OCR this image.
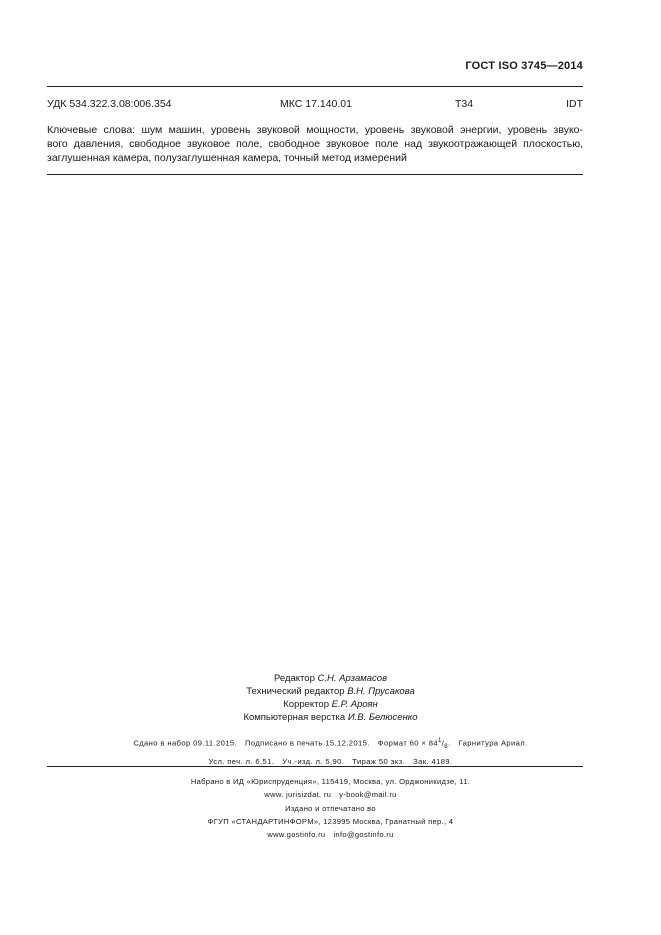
ГОСТ ISO 3745—2014
УДК 534.322.3.08:006.354	МКС 17.140.01	Т34	IDT
Ключевые слова: шум машин, уровень звуковой мощности, уровень звуковой энергии, уровень звуко-
вого давления, свободное звуковое поле, свободное звуковое поле над звукоотражающей плоскостью,
заглушенная камера, полузаглушенная камера, точный метод измерений
Редактор С.Н. Арзамасов
Технический редактор В.Н. Прусакова
Корректор Е.Р. Ароян
Компьютерная верстка И.В. Белюсенко
Сдано в набор 09.11.2015. Подписано в печать 15.12.2015. Формат $60 \times 84^1/_8$. Гарнитура Ариал.
Усл. печ. л. 6,51. Уч.-изд. л. 5,90. Тираж 50 экз. Зак. 4189.
Набрано в ИД «Юриспруденция», 115419, Москва, ул. Орджоникидзе, 11.
www. jurisizdat. ru y-book@mail.ru
Издано и отпечатано во
ФГУП «СТАНДАРТИНФОРМ», 123995 Москва, Гранатный пер., 4
www.gostinfo.ru info@gostinfo.ru
